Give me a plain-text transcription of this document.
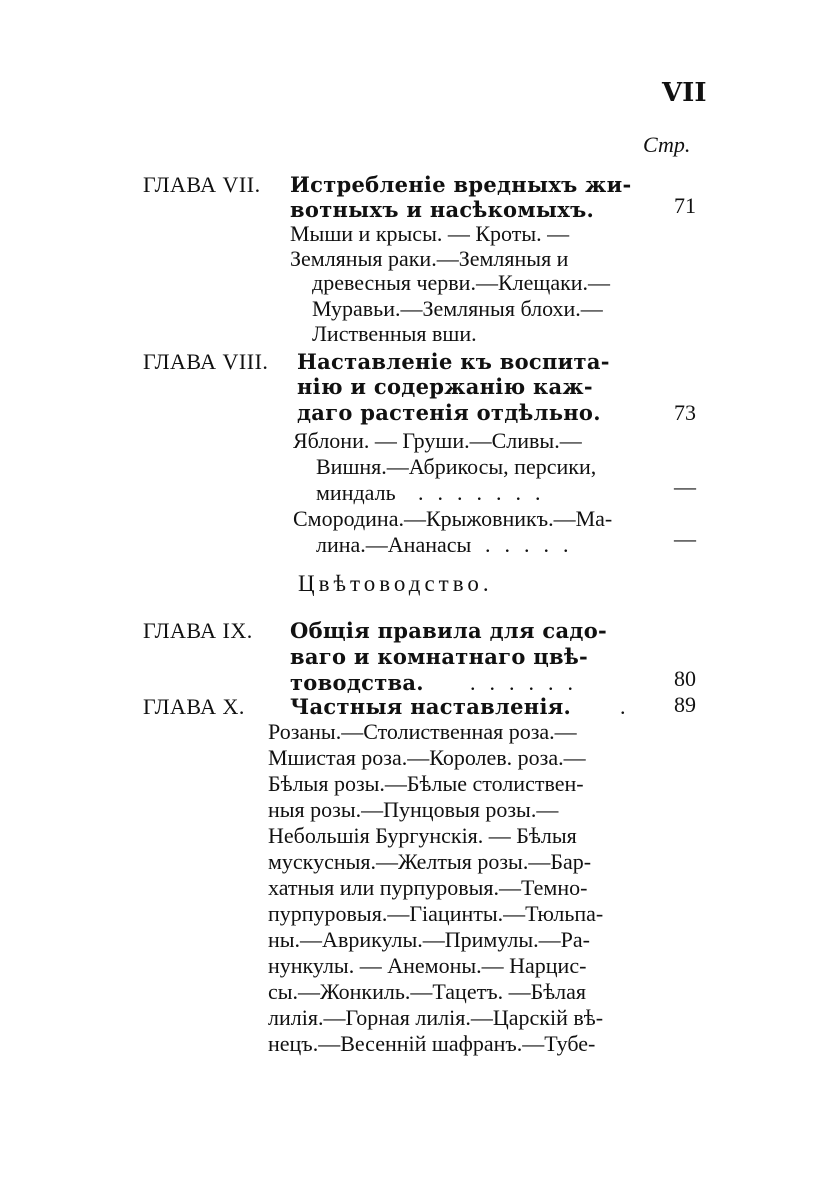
VII
Стр.
ГЛАВА VII. Истребленіе вредныхъ жи-
вотныхъ и насѣкомыхъ.	71
Мыши и крысы. — Кроты. —
Земляныя раки.—Земляныя и
древесныя черви.—Клещаки.—
Муравьи.—Земляныя блохи.—
Лиственныя вши.
ГЛАВА VIII. Наставленіе къ воспита-
нію и содержанію каж-
даго растенія отдѣльно.	73
Яблони. — Груши.—Сливы.—
Вишня.—Абрикосы, персики,
миндаль .......	—
Смородина.—Крыжовникъ.—Ма-
лина.—Ананасы .....	—
Цвѣтоводство.
ГЛАВА IX. Общія правила для садо-
ваго и комнатнаго цвѣ-
товодства. ......	80
ГЛАВА X. Частныя наставленія. .	89
Розаны.—Столиственная роза.—
Мшистая роза.—Королев. роза.—
Бѣлыя розы.—Бѣлые столиствен-
ныя розы.—Пунцовыя розы.—
Небольшія Бургунскія. — Бѣлыя
мускусныя.—Желтыя розы.—Бар-
хатныя или пурпуровыя.—Темно-
пурпуровыя.—Гіацинты.—Тюльпа-
ны.—Аврикулы.—Примулы.—Ра-
нункулы. — Анемоны.— Нарцис-
сы.—Жонкиль.—Тацетъ. —Бѣлая
лилія.—Горная лилія.—Царскій вѣ-
нецъ.—Весенній шафранъ.—Тубе-
